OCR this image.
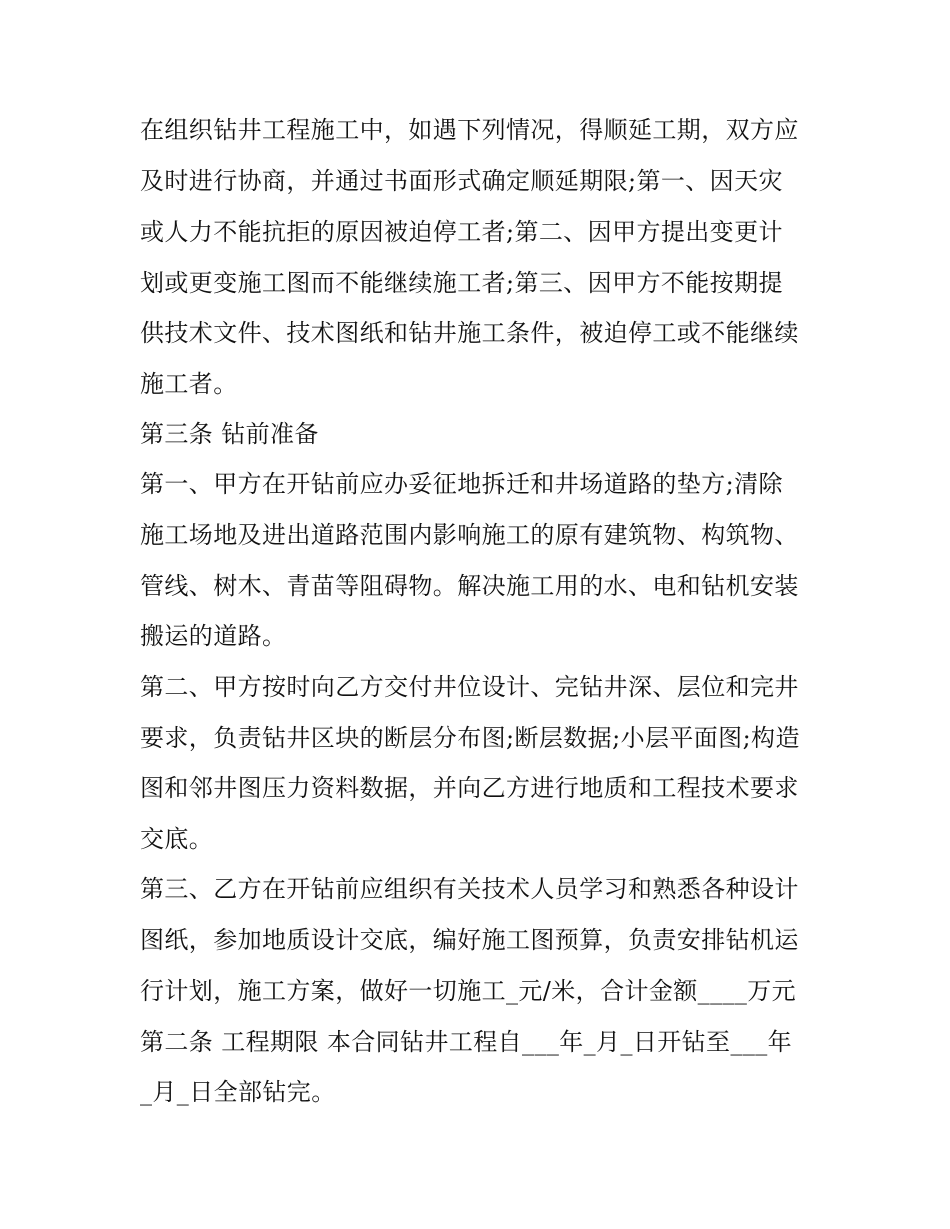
在组织钻井工程施工中，如遇下列情况，得顺延工期，双方应
及时进行协商，并通过书面形式确定顺延期限;第一、因天灾
或人力不能抗拒的原因被迫停工者;第二、因甲方提出变更计
划或更变施工图而不能继续施工者;第三、因甲方不能按期提
供技术文件、技术图纸和钻井施工条件，被迫停工或不能继续
施工者。
第三条 钻前准备
第一、甲方在开钻前应办妥征地拆迁和井场道路的垫方;清除
施工场地及进出道路范围内影响施工的原有建筑物、构筑物、
管线、树木、青苗等阻碍物。解决施工用的水、电和钻机安装
搬运的道路。
第二、甲方按时向乙方交付井位设计、完钻井深、层位和完井
要求，负责钻井区块的断层分布图;断层数据;小层平面图;构造
图和邻井图压力资料数据，并向乙方进行地质和工程技术要求
交底。
第三、乙方在开钻前应组织有关技术人员学习和熟悉各种设计
图纸，参加地质设计交底，编好施工图预算，负责安排钻机运
行计划，施工方案，做好一切施工_元/米，合计金额____万元
第二条 工程期限 本合同钻井工程自___年_月_日开钻至___年
_月_日全部钻完。
